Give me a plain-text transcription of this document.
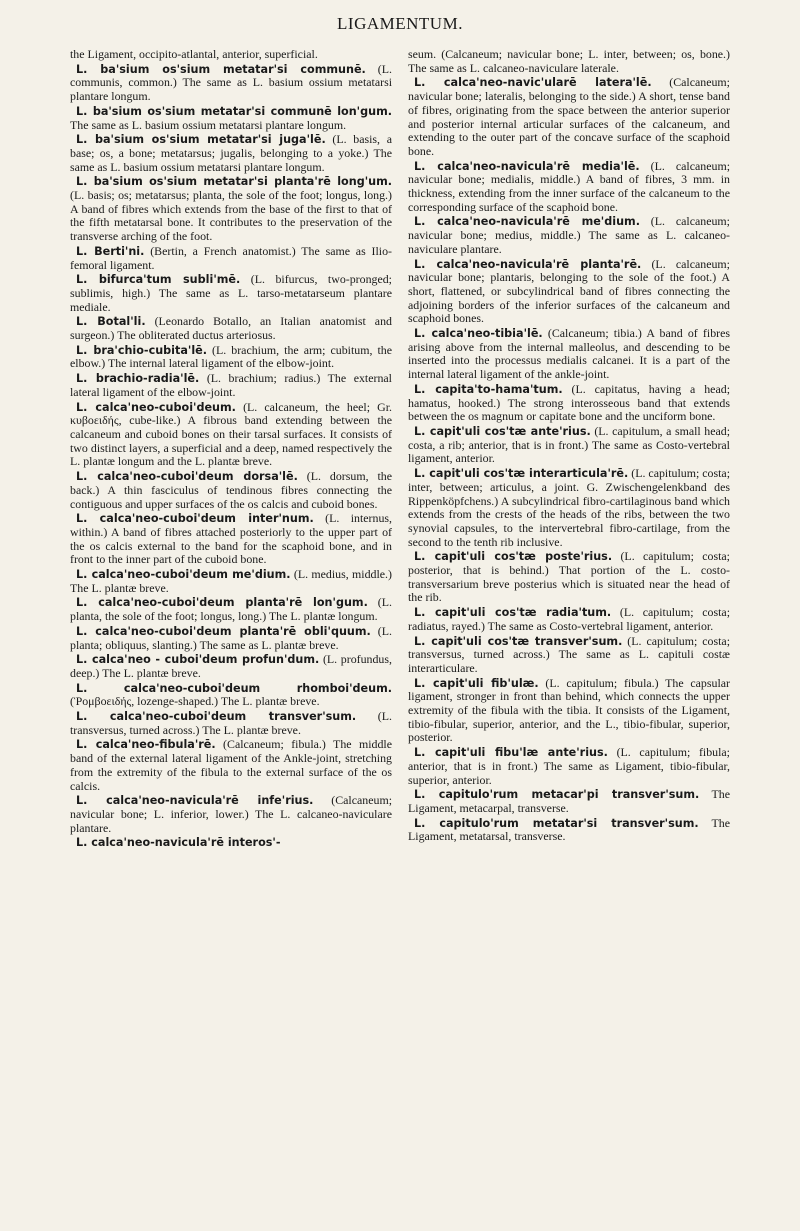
LIGAMENTUM.

the Ligament, occipito-atlantal, anterior, superficial.

L. ba'sium os'sium metatar'si communē. (L. communis, common.) The same as L. basium ossium metatarsi plantare longum.

L. ba'sium os'sium metatar'si communē lon'gum. The same as L. basium ossium metatarsi plantare longum.

L. ba'sium os'sium metatar'si juga'lē. (L. basis, a base; os, a bone; metatarsus; jugalis, belonging to a yoke.) The same as L. basium ossium metatarsi plantare longum.

L. ba'sium os'sium metatar'si planta'rē long'um. (L. basis; os; metatarsus; planta, the sole of the foot; longus, long.) A band of fibres which extends from the base of the first to that of the fifth metatarsal bone. It contributes to the preservation of the transverse arching of the foot.

L. Berti'ni. (Bertin, a French anatomist.) The same as Ilio-femoral ligament.

L. bifurca'tum subli'mē. (L. bifurcus, two-pronged; sublimis, high.) The same as L. tarso-metatarseum plantare mediale.

L. Botal'li. (Leonardo Botallo, an Italian anatomist and surgeon.) The obliterated ductus arteriosus.

L. bra'chio-cubita'lē. (L. brachium, the arm; cubitum, the elbow.) The internal lateral ligament of the elbow-joint.

L. brachio-radia'lē. (L. brachium; radius.) The external lateral ligament of the elbow-joint.

L. calca'neo-cuboi'deum. (L. calcaneum, the heel; Gr. κυβοειδής, cube-like.) A fibrous band extending between the calcaneum and cuboid bones on their tarsal surfaces. It consists of two distinct layers, a superficial and a deep, named respectively the L. plantæ longum and the L. plantæ breve.

L. calca'neo-cuboi'deum dorsa'lē. (L. dorsum, the back.) A thin fasciculus of tendinous fibres connecting the contiguous and upper surfaces of the os calcis and cuboid bones.

L. calca'neo-cuboi'deum inter'num. (L. internus, within.) A band of fibres attached posteriorly to the upper part of the os calcis external to the band for the scaphoid bone, and in front to the inner part of the cuboid bone.

L. calca'neo-cuboi'deum me'dium. (L. medius, middle.) The L. plantæ breve.

L. calca'neo-cuboi'deum planta'rē lon'gum. (L. planta, the sole of the foot; longus, long.) The L. plantæ longum.

L. calca'neo-cuboi'deum planta'rē obli'quum. (L. planta; obliquus, slanting.) The same as L. plantæ breve.

L. calca'neo - cuboi'deum profun'dum. (L. profundus, deep.) The L. plantæ breve.

L. calca'neo-cuboi'deum rhomboi'deum. (Ῥομβοειδής, lozenge-shaped.) The L. plantæ breve.

L. calca'neo-cuboi'deum transver'sum. (L. transversus, turned across.) The L. plantæ breve.

L. calca'neo-fibula'rē. (Calcaneum; fibula.) The middle band of the external lateral ligament of the Ankle-joint, stretching from the extremity of the fibula to the external surface of the os calcis.

L. calca'neo-navicula'rē infe'rius. (Calcaneum; navicular bone; L. inferior, lower.) The L. calcaneo-naviculare plantare.

L. calca'neo-navicula'rē interos'-

seum. (Calcaneum; navicular bone; L. inter, between; os, bone.) The same as L. calcaneo-naviculare laterale.

L. calca'neo-navic'ularē latera'lē. (Calcaneum; navicular bone; lateralis, belonging to the side.) A short, tense band of fibres, originating from the space between the anterior superior and posterior internal articular surfaces of the calcaneum, and extending to the outer part of the concave surface of the scaphoid bone.

L. calca'neo-navicula'rē media'lē. (L. calcaneum; navicular bone; medialis, middle.) A band of fibres, 3 mm. in thickness, extending from the inner surface of the calcaneum to the corresponding surface of the scaphoid bone.

L. calca'neo-navicula'rē me'dium. (L. calcaneum; navicular bone; medius, middle.) The same as L. calcaneo-naviculare plantare.

L. calca'neo-navicula'rē planta'rē. (L. calcaneum; navicular bone; plantaris, belonging to the sole of the foot.) A short, flattened, or subcylindrical band of fibres connecting the adjoining borders of the inferior surfaces of the calcaneum and scaphoid bones.

L. calca'neo-tibia'lē. (Calcaneum; tibia.) A band of fibres arising above from the internal malleolus, and descending to be inserted into the processus medialis calcanei. It is a part of the internal lateral ligament of the ankle-joint.

L. capita'to-hama'tum. (L. capitatus, having a head; hamatus, hooked.) The strong interosseous band that extends between the os magnum or capitate bone and the unciform bone.

L. capit'uli cos'tæ ante'rius. (L. capitulum, a small head; costa, a rib; anterior, that is in front.) The same as Costo-vertebral ligament, anterior.

L. capit'uli cos'tæ interarticula'rē. (L. capitulum; costa; inter, between; articulus, a joint. G. Zwischengelenkband des Rippenköpfchens.) A subcylindrical fibro-cartilaginous band which extends from the crests of the heads of the ribs, between the two synovial capsules, to the intervertebral fibro-cartilage, from the second to the tenth rib inclusive.

L. capit'uli cos'tæ poste'rius. (L. capitulum; costa; posterior, that is behind.) That portion of the L. costo-transversarium breve posterius which is situated near the head of the rib.

L. capit'uli cos'tæ radia'tum. (L. capitulum; costa; radiatus, rayed.) The same as Costo-vertebral ligament, anterior.

L. capit'uli cos'tæ transver'sum. (L. capitulum; costa; transversus, turned across.) The same as L. capituli costæ interarticulare.

L. capit'uli fib'ulæ. (L. capitulum; fibula.) The capsular ligament, stronger in front than behind, which connects the upper extremity of the fibula with the tibia. It consists of the Ligament, tibio-fibular, superior, anterior, and the L., tibio-fibular, superior, posterior.

L. capit'uli fibu'læ ante'rius. (L. capitulum; fibula; anterior, that is in front.) The same as Ligament, tibio-fibular, superior, anterior.

L. capitulo'rum metacar'pi transver'sum. The Ligament, metacarpal, transverse.

L. capitulo'rum metatar'si transver'sum. The Ligament, metatarsal, transverse.
